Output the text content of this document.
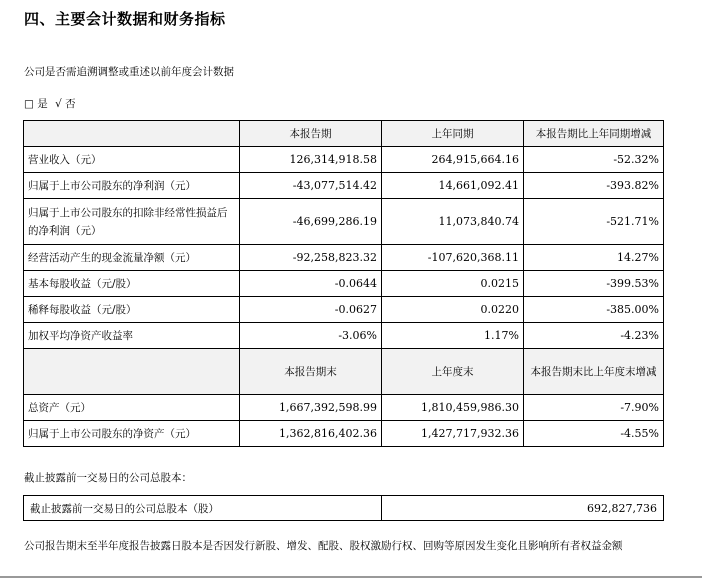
四、主要会计数据和财务指标
公司是否需追溯调整或重述以前年度会计数据
□ 是 √ 否
	本报告期	上年同期	本报告期比上年同期增减
营业收入（元）	126,314,918.58	264,915,664.16	-52.32%
归属于上市公司股东的净利润（元）	-43,077,514.42	14,661,092.41	-393.82%
归属于上市公司股东的扣除非经常性损益后的净利润（元）	-46,699,286.19	11,073,840.74	-521.71%
经营活动产生的现金流量净额（元）	-92,258,823.32	-107,620,368.11	14.27%
基本每股收益（元/股）	-0.0644	0.0215	-399.53%
稀释每股收益（元/股）	-0.0627	0.0220	-385.00%
加权平均净资产收益率	-3.06%	1.17%	-4.23%
	本报告期末	上年度末	本报告期末比上年度末增减
总资产（元）	1,667,392,598.99	1,810,459,986.30	-7.90%
归属于上市公司股东的净资产（元）	1,362,816,402.36	1,427,717,932.36	-4.55%
截止披露前一交易日的公司总股本：
截止披露前一交易日的公司总股本（股）	692,827,736
公司报告期末至半年度报告披露日股本是否因发行新股、增发、配股、股权激励行权、回购等原因发生变化且影响所有者权益金额
